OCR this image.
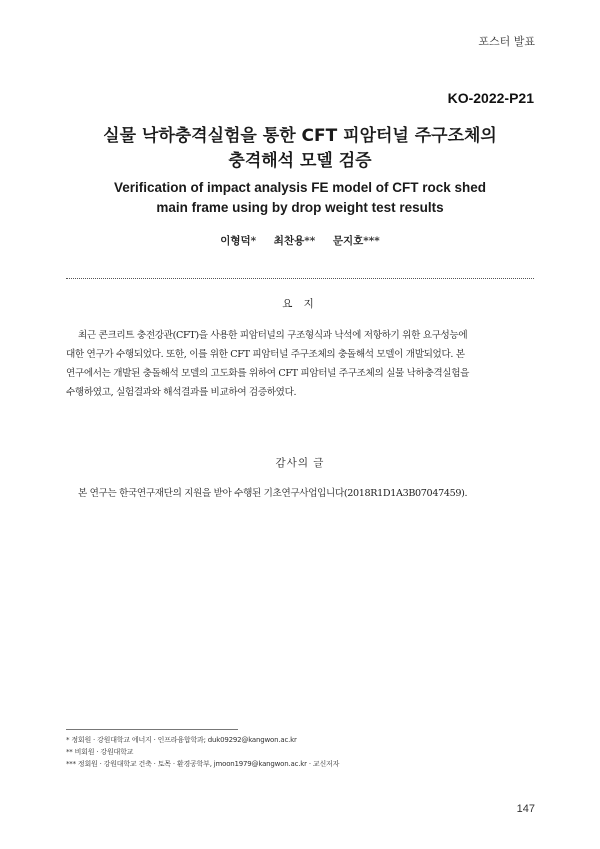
포스터 발표
KO-2022-P21
실물 낙하충격실험을 통한 CFT 피암터널 주구조체의
충격해석 모델 검증
Verification of impact analysis FE model of CFT rock shed
main frame using by drop weight test results
이형덕* 최찬용** 문지호***
요 지
최근 콘크리트 충전강관(CFT)을 사용한 피암터널의 구조형식과 낙석에 저항하기 위한 요구성능에
대한 연구가 수행되었다. 또한, 이를 위한 CFT 피암터널 주구조체의 충돌해석 모델이 개발되었다. 본
연구에서는 개발된 충돌해석 모델의 고도화를 위하여 CFT 피암터널 주구조체의 실물 낙하충격실험을
수행하였고, 실험결과와 해석결과를 비교하여 검증하였다.
감사의 글
본 연구는 한국연구재단의 지원을 받아 수행된 기초연구사업입니다(2018R1D1A3B07047459).
* 정회원 · 강원대학교 에너지 · 인프라융합학과; duk09292@kangwon.ac.kr
** 비회원 · 강원대학교
*** 정회원 · 강원대학교 건축 · 토목 · 환경공학부, jmoon1979@kangwon.ac.kr · 교신저자
147
